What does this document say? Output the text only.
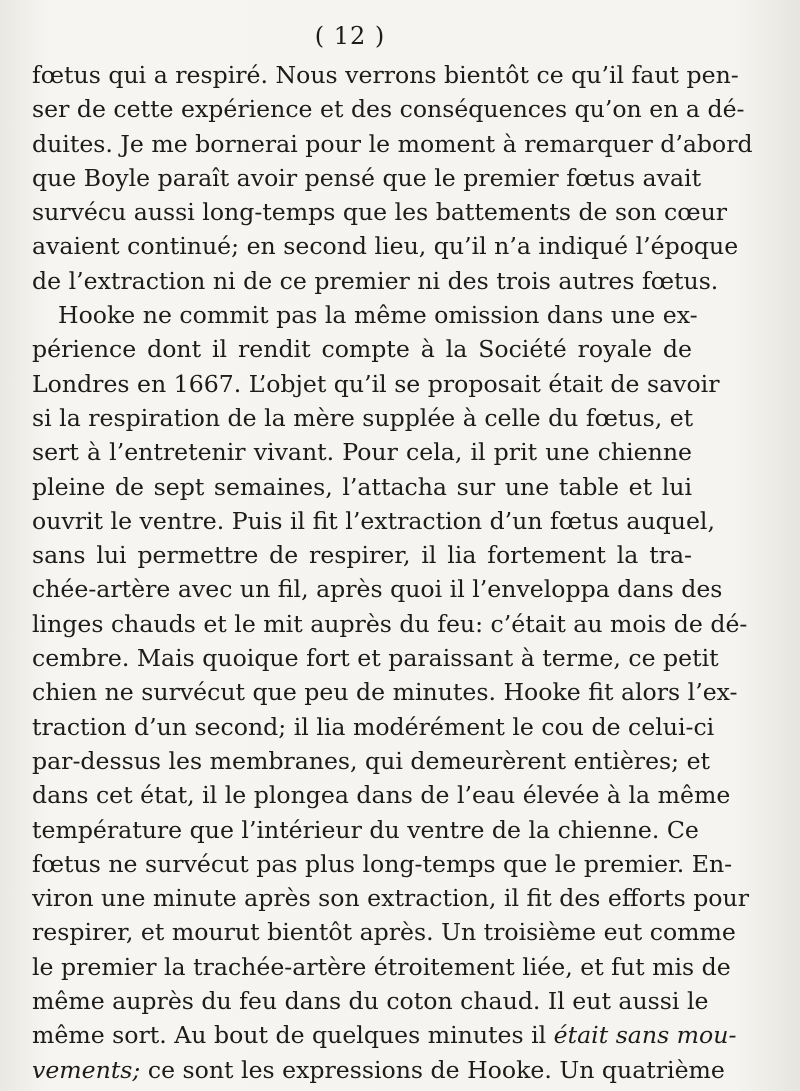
( 12 )
fœtus qui a respiré. Nous verrons bientôt ce qu’il faut pen-
ser de cette expérience et des conséquences qu’on en a dé-
duites. Je me bornerai pour le moment à remarquer d’abord
que Boyle paraît avoir pensé que le premier fœtus avait
survécu aussi long-temps que les battements de son cœur
avaient continué; en second lieu, qu’il n’a indiqué l’époque
de l’extraction ni de ce premier ni des trois autres fœtus.
Hooke ne commit pas la même omission dans une ex-
périence dont il rendit compte à la Société royale de
Londres en 1667. L’objet qu’il se proposait était de savoir
si la respiration de la mère supplée à celle du fœtus, et
sert à l’entretenir vivant. Pour cela, il prit une chienne
pleine de sept semaines, l’attacha sur une table et lui
ouvrit le ventre. Puis il fit l’extraction d’un fœtus auquel,
sans lui permettre de respirer, il lia fortement la tra-
chée-artère avec un fil, après quoi il l’enveloppa dans des
linges chauds et le mit auprès du feu: c’était au mois de dé-
cembre. Mais quoique fort et paraissant à terme, ce petit
chien ne survécut que peu de minutes. Hooke fit alors l’ex-
traction d’un second; il lia modérément le cou de celui-ci
par-dessus les membranes, qui demeurèrent entières; et
dans cet état, il le plongea dans de l’eau élevée à la même
température que l’intérieur du ventre de la chienne. Ce
fœtus ne survécut pas plus long-temps que le premier. En-
viron une minute après son extraction, il fit des efforts pour
respirer, et mourut bientôt après. Un troisième eut comme
le premier la trachée-artère étroitement liée, et fut mis de
même auprès du feu dans du coton chaud. Il eut aussi le
même sort. Au bout de quelques minutes il était sans mou-
vements; ce sont les expressions de Hooke. Un quatrième
